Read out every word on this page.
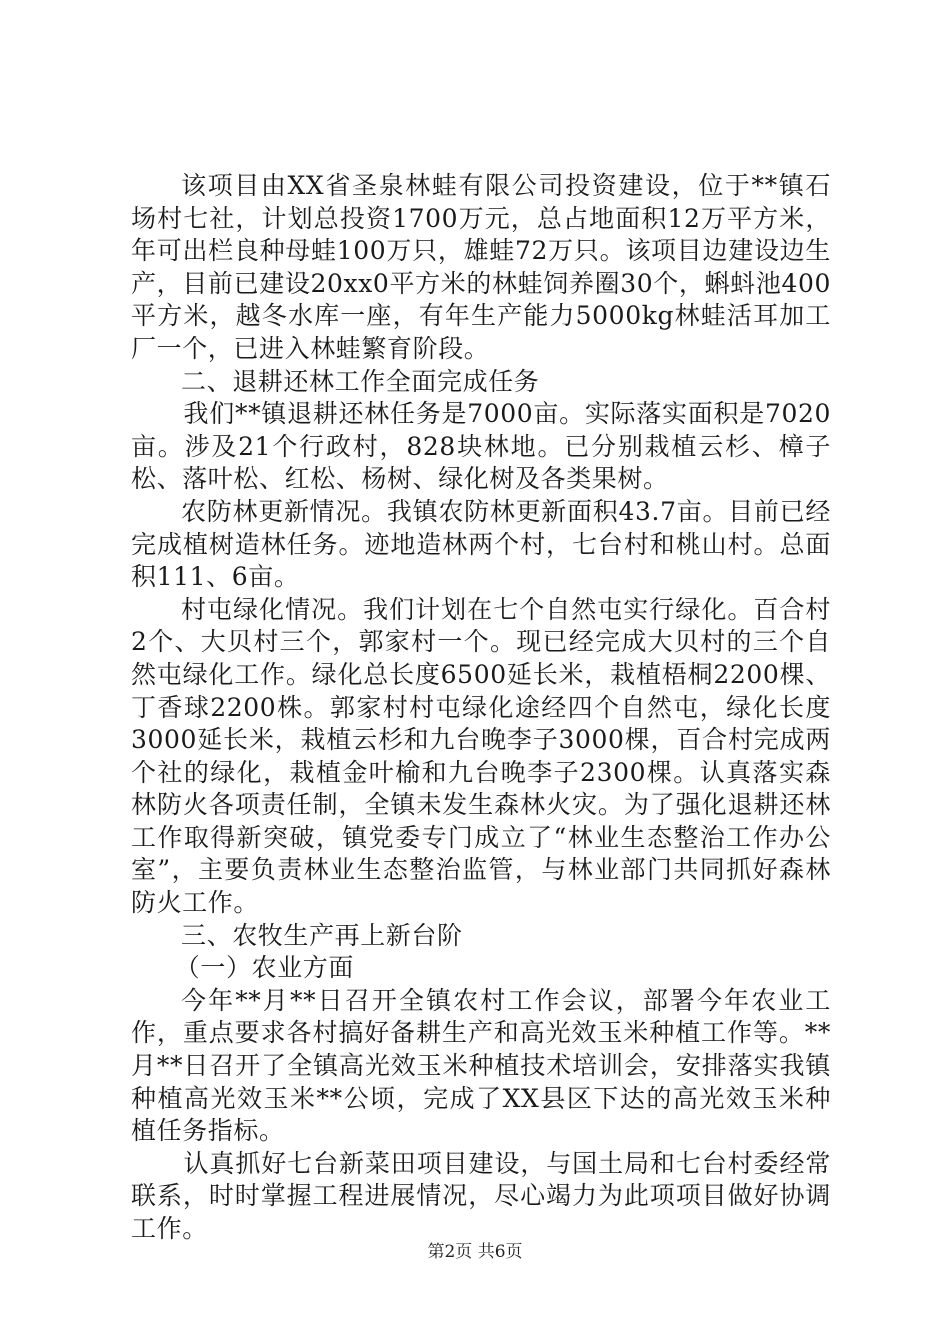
该项目由XX省圣泉林蛙有限公司投资建设，位于**镇石场村七社，计划总投资1700万元，总占地面积12万平方米，年可出栏良种母蛙100万只，雄蛙72万只。该项目边建设边生产，目前已建设20xx0平方米的林蛙饲养圈30个，蝌蚪池400平方米，越冬水库一座，有年生产能力5000kg林蛙活耳加工厂一个，已进入林蛙繁育阶段。

二、退耕还林工作全面完成任务

我们**镇退耕还林任务是7000亩。实际落实面积是7020亩。涉及21个行政村，828块林地。已分别栽植云杉、樟子松、落叶松、红松、杨树、绿化树及各类果树。

农防林更新情况。我镇农防林更新面积43.7亩。目前已经完成植树造林任务。迹地造林两个村，七台村和桃山村。总面积111、6亩。

村屯绿化情况。我们计划在七个自然屯实行绿化。百合村2个、大贝村三个，郭家村一个。现已经完成大贝村的三个自然屯绿化工作。绿化总长度6500延长米，栽植梧桐2200棵、丁香球2200株。郭家村村屯绿化途经四个自然屯，绿化长度3000延长米，栽植云杉和九台晚李子3000棵，百合村完成两个社的绿化，栽植金叶榆和九台晚李子2300棵。认真落实森林防火各项责任制，全镇未发生森林火灾。为了强化退耕还林工作取得新突破，镇党委专门成立了“林业生态整治工作办公室”，主要负责林业生态整治监管，与林业部门共同抓好森林防火工作。

三、农牧生产再上新台阶

（一）农业方面

今年**月**日召开全镇农村工作会议，部署今年农业工作，重点要求各村搞好备耕生产和高光效玉米种植工作等。**月**日召开了全镇高光效玉米种植技术培训会，安排落实我镇种植高光效玉米**公顷，完成了XX县区下达的高光效玉米种植任务指标。

认真抓好七台新菜田项目建设，与国土局和七台村委经常联系，时时掌握工程进展情况，尽心竭力为此项项目做好协调工作。

第2页 共6页
